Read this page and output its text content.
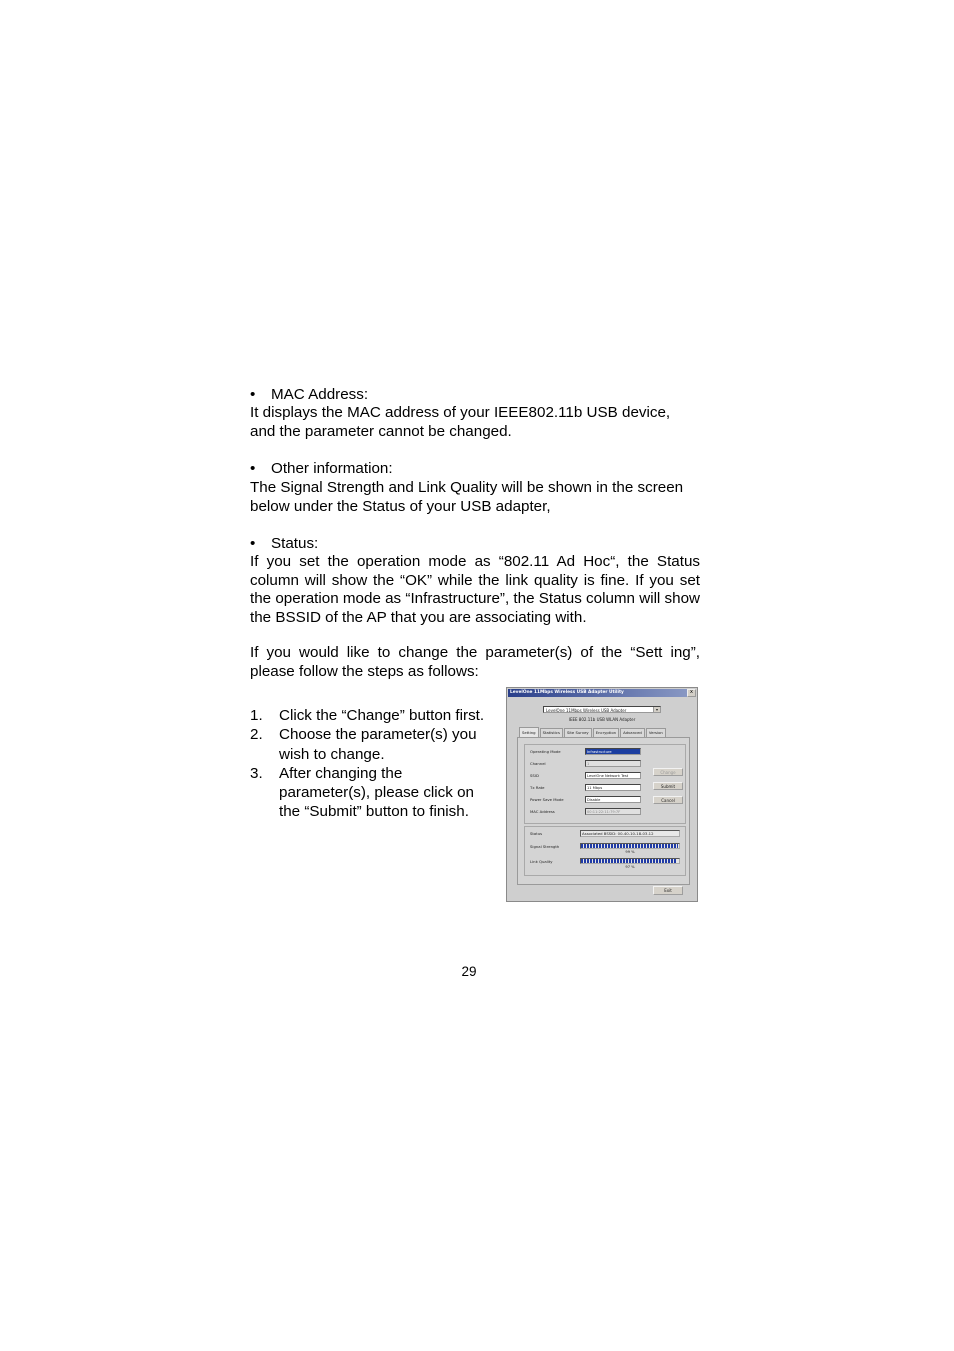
• MAC Address:
It displays the MAC address of your IEEE802.11b USB device,
and the parameter cannot be changed.
• Other information:
The Signal Strength and Link Quality will be shown in the screen
below under the Status of your USB adapter,
• Status:

If you set the operation mode as “802.11 Ad Hoc“, the Status column will show the “OK” while the link quality is fine. If you set the operation mode as “Infrastructure”, the Status column will show the BSSID of the AP that you are associating with.

If you would like to change the parameter(s) of the “Sett ing”, please follow the steps as follows:

1. Click the “Change” button first.
2. Choose the parameter(s) you wish to change.
3. After changing the parameter(s), please click on the “Submit” button to finish.
LevelOne 11Mbps Wireless USB Adapter Utility	x
LevelOne 11Mbps Wireless USB Adapter	▾
IEEE 802.11b USB WLAN Adapter
Setting	Statistics	Site Survey	Encryption	Advanced	Version
Operating Mode	Infrastructure
Channel	1
SSID	LevelOne Network Test
Tx Rate	11 Mbps
Power Save Mode	Disable
MAC Address	00:11:22:11:79:7F
Change
Submit
Cancel
Status	Associated BSSID: 00-40-10-18-03-12
Signal Strength
99 %
Link Quality
97 %
Exit
29
